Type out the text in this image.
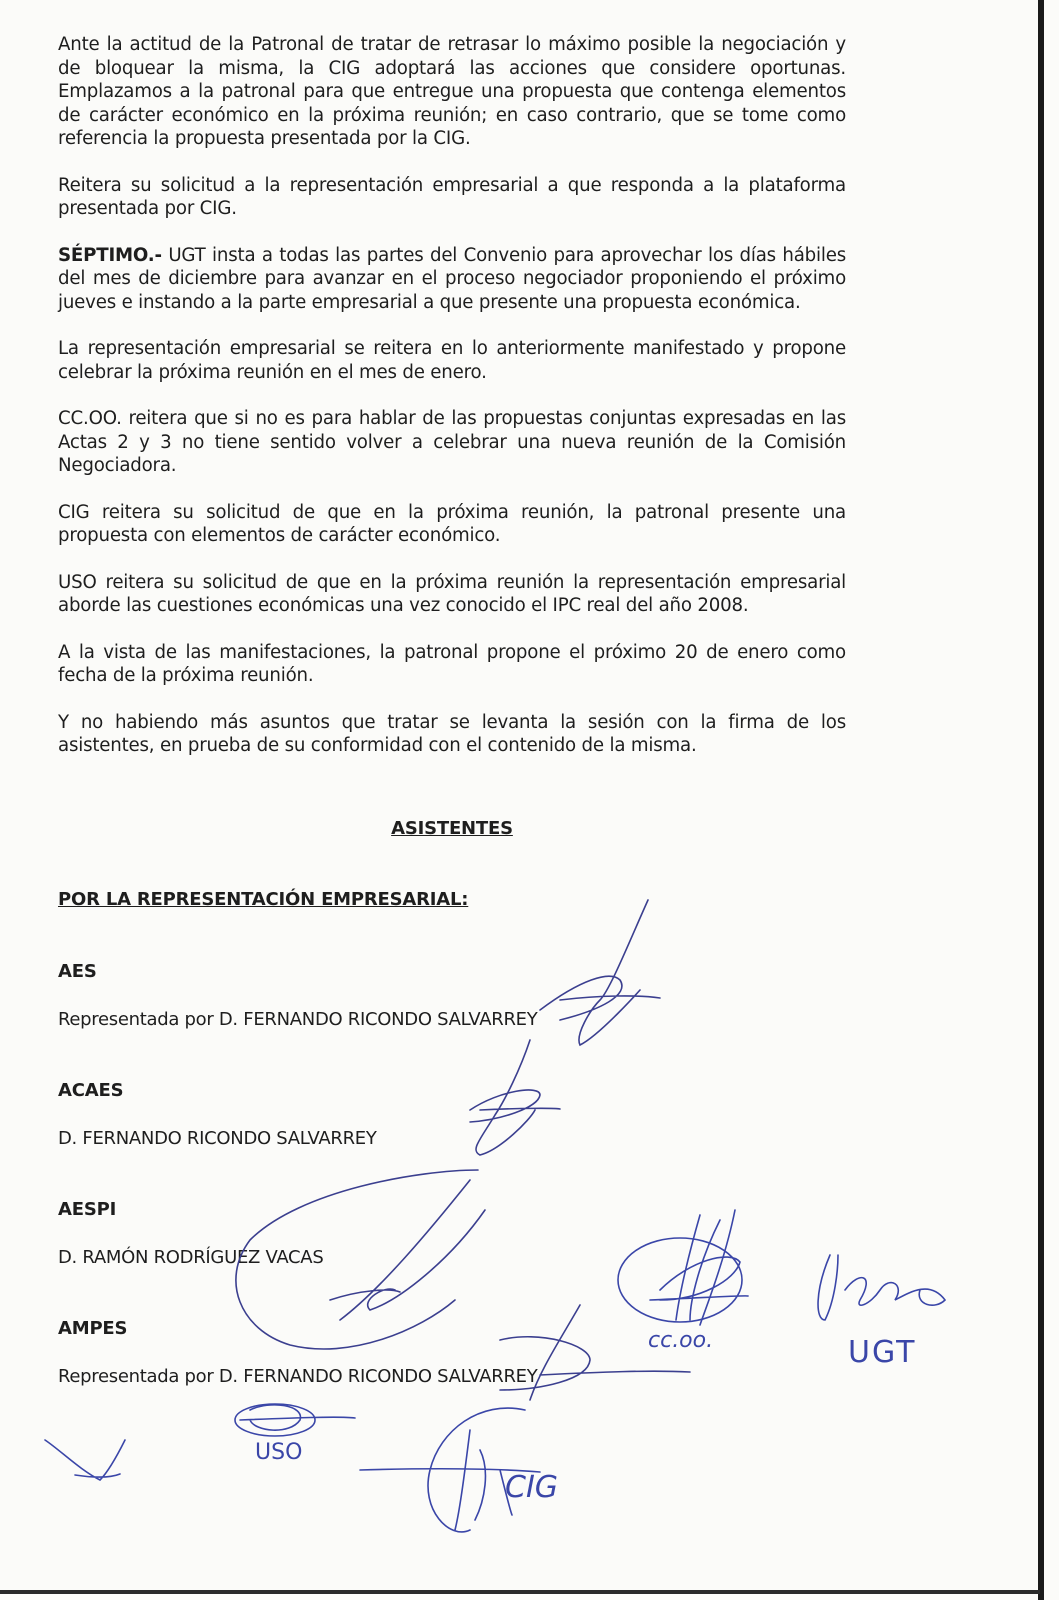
Ante la actitud de la Patronal de tratar de retrasar lo máximo posible la negociación y de bloquear la misma, la CIG adoptará las acciones que considere oportunas. Emplazamos a la patronal para que entregue una propuesta que contenga elementos de carácter económico en la próxima reunión; en caso contrario, que se tome como referencia la propuesta presentada por la CIG.

Reitera su solicitud a la representación empresarial a que responda a la plataforma presentada por CIG.

SÉPTIMO.- UGT insta a todas las partes del Convenio para aprovechar los días hábiles del mes de diciembre para avanzar en el proceso negociador proponiendo el próximo jueves e instando a la parte empresarial a que presente una propuesta económica.

La representación empresarial se reitera en lo anteriormente manifestado y propone celebrar la próxima reunión en el mes de enero.

CC.OO. reitera que si no es para hablar de las propuestas conjuntas expresadas en las Actas 2 y 3 no tiene sentido volver a celebrar una nueva reunión de la Comisión Negociadora.

CIG reitera su solicitud de que en la próxima reunión, la patronal presente una propuesta con elementos de carácter económico.

USO reitera su solicitud de que en la próxima reunión la representación empresarial aborde las cuestiones económicas una vez conocido el IPC real del año 2008.

A la vista de las manifestaciones, la patronal propone el próximo 20 de enero como fecha de la próxima reunión.

Y no habiendo más asuntos que tratar se levanta la sesión con la firma de los asistentes, en prueba de su conformidad con el contenido de la misma.

ASISTENTES
POR LA REPRESENTACIÓN EMPRESARIAL:
AES
Representada por D. FERNANDO RICONDO SALVARREY
ACAES
D. FERNANDO RICONDO SALVARREY
AESPI
D. RAMÓN RODRÍGUEZ VACAS
AMPES
Representada por D. FERNANDO RICONDO SALVARREY
cc.oo.	UGT
USO
CIG
